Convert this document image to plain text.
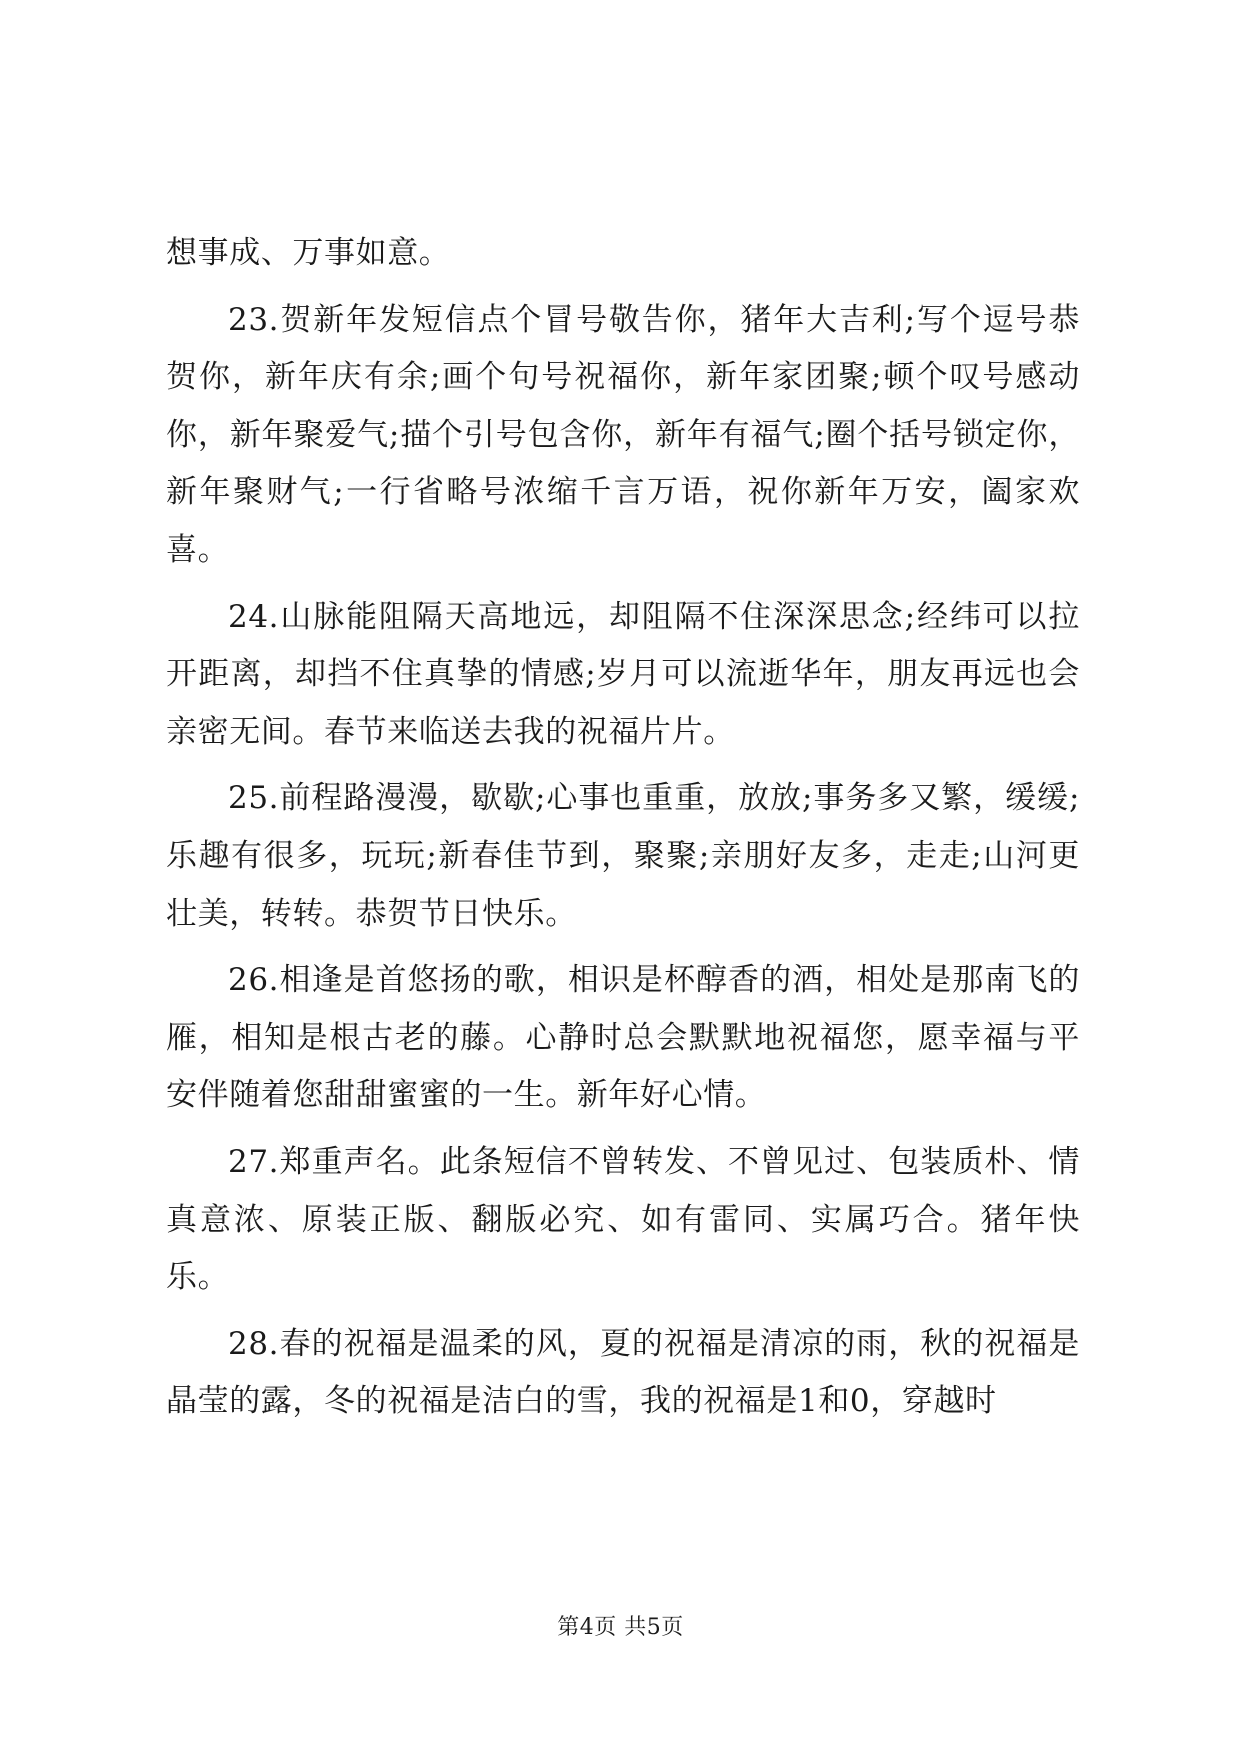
想事成、万事如意。

23.贺新年发短信点个冒号敬告你，猪年大吉利;写个逗号恭贺你，新年庆有余;画个句号祝福你，新年家团聚;顿个叹号感动你，新年聚爱气;描个引号包含你，新年有福气;圈个括号锁定你，新年聚财气;一行省略号浓缩千言万语，祝你新年万安，阖家欢喜。

24.山脉能阻隔天高地远，却阻隔不住深深思念;经纬可以拉开距离，却挡不住真挚的情感;岁月可以流逝华年，朋友再远也会亲密无间。春节来临送去我的祝福片片。

25.前程路漫漫，歇歇;心事也重重，放放;事务多又繁，缓缓;乐趣有很多，玩玩;新春佳节到，聚聚;亲朋好友多，走走;山河更壮美，转转。恭贺节日快乐。

26.相逢是首悠扬的歌，相识是杯醇香的酒，相处是那南飞的雁，相知是根古老的藤。心静时总会默默地祝福您，愿幸福与平安伴随着您甜甜蜜蜜的一生。新年好心情。

27.郑重声名。此条短信不曾转发、不曾见过、包装质朴、情真意浓、原装正版、翻版必究、如有雷同、实属巧合。猪年快乐。

28.春的祝福是温柔的风，夏的祝福是清凉的雨，秋的祝福是晶莹的露，冬的祝福是洁白的雪，我的祝福是1和0，穿越时

第4页 共5页
